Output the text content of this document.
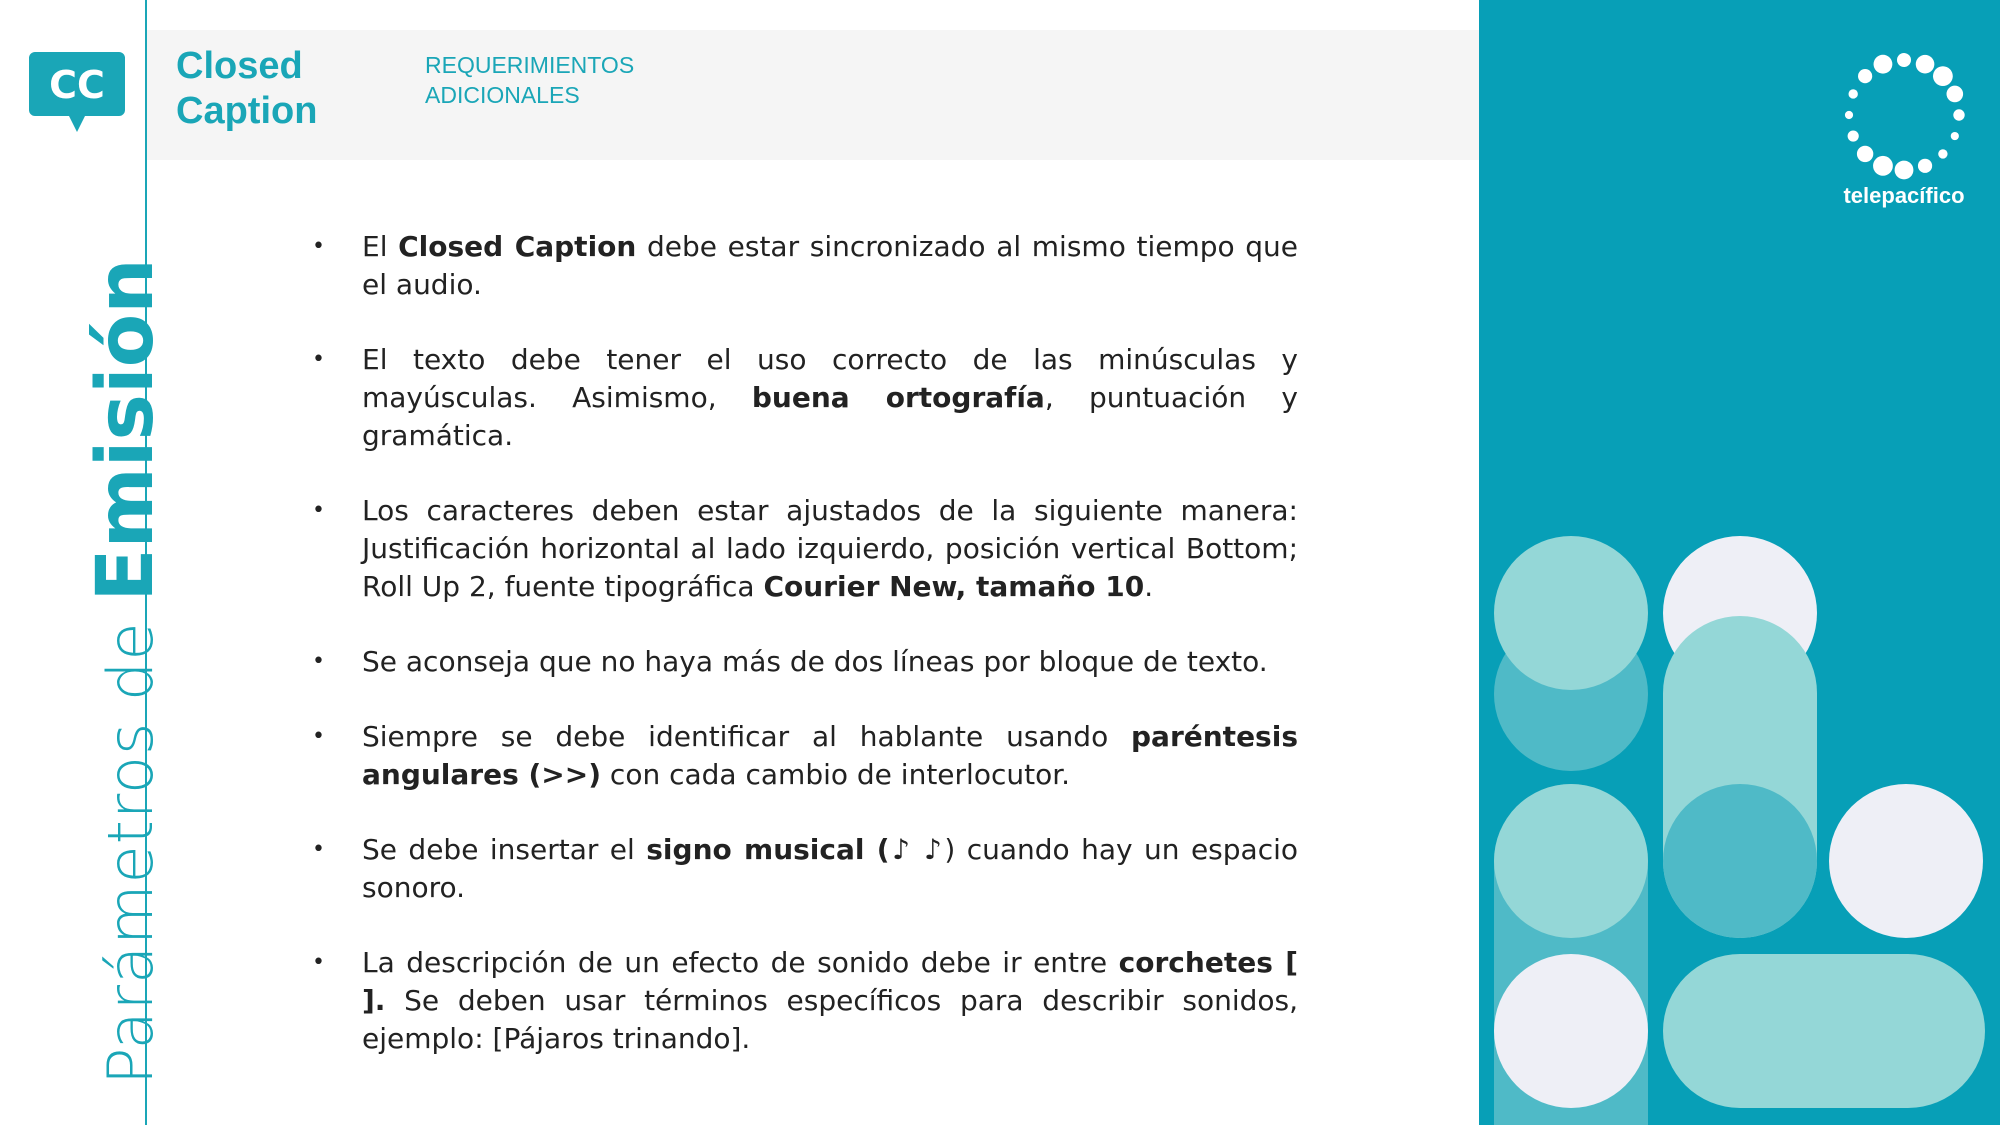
CC
Parámetros de Emisión
Closed
Caption
REQUERIMIENTOS
ADICIONALES
• El Closed Caption debe estar sincronizado al mismo tiempo que el audio.
• El texto debe tener el uso correcto de las minúsculas y mayúsculas. Asimismo, buena ortografía, puntuación y gramática.
• Los caracteres deben estar ajustados de la siguiente manera: Justificación horizontal al lado izquierdo, posición vertical Bottom; Roll Up 2, fuente tipográfica Courier New, tamaño 10.
• Se aconseja que no haya más de dos líneas por bloque de texto.
• Siempre se debe identificar al hablante usando paréntesis angulares (>>) con cada cambio de interlocutor.
• Se debe insertar el signo musical (♪ ♪) cuando hay un espacio sonoro.
• La descripción de un efecto de sonido debe ir entre corchetes [ ]. Se deben usar términos específicos para describir sonidos, ejemplo: [Pájaros trinando].
telepacífico
